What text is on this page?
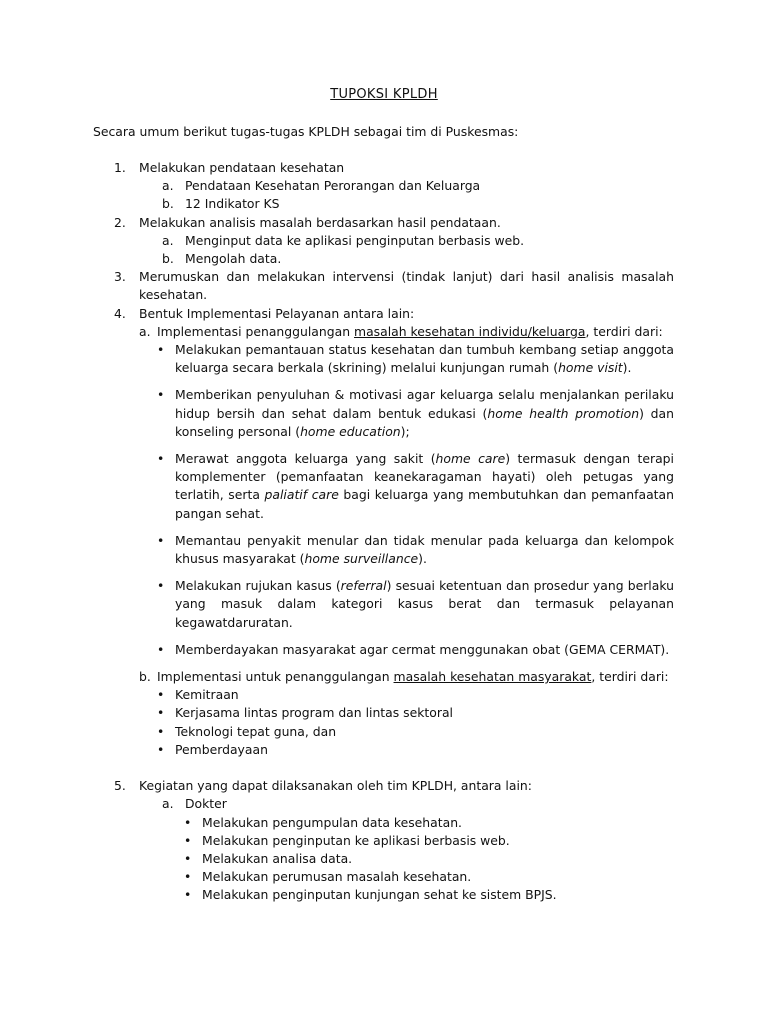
TUPOKSI KPLDH
Secara umum berikut tugas-tugas KPLDH sebagai tim di Puskesmas:
1. Melakukan pendataan kesehatan
a. Pendataan Kesehatan Perorangan dan Keluarga
b. 12 Indikator KS
2. Melakukan analisis masalah berdasarkan hasil pendataan.
a. Menginput data ke aplikasi penginputan berbasis web.
b. Mengolah data.
3. Merumuskan dan melakukan intervensi (tindak lanjut) dari hasil analisis masalah kesehatan.
4. Bentuk Implementasi Pelayanan antara lain:
a. Implementasi penanggulangan masalah kesehatan individu/keluarga, terdiri dari:
• Melakukan pemantauan status kesehatan dan tumbuh kembang setiap anggota keluarga secara berkala (skrining) melalui kunjungan rumah (home visit).
• Memberikan penyuluhan & motivasi agar keluarga selalu menjalankan perilaku hidup bersih dan sehat dalam bentuk edukasi (home health promotion) dan konseling personal (home education);
• Merawat anggota keluarga yang sakit (home care) termasuk dengan terapi komplementer (pemanfaatan keanekaragaman hayati) oleh petugas yang terlatih, serta paliatif care bagi keluarga yang membutuhkan dan pemanfaatan pangan sehat.
• Memantau penyakit menular dan tidak menular pada keluarga dan kelompok khusus masyarakat (home surveillance).
• Melakukan rujukan kasus (referral) sesuai ketentuan dan prosedur yang berlaku yang masuk dalam kategori kasus berat dan termasuk pelayanan kegawatdaruratan.
• Memberdayakan masyarakat agar cermat menggunakan obat (GEMA CERMAT).
b. Implementasi untuk penanggulangan masalah kesehatan masyarakat, terdiri dari:
• Kemitraan
• Kerjasama lintas program dan lintas sektoral
• Teknologi tepat guna, dan
• Pemberdayaan
5. Kegiatan yang dapat dilaksanakan oleh tim KPLDH, antara lain:
a. Dokter
• Melakukan pengumpulan data kesehatan.
• Melakukan penginputan ke aplikasi berbasis web.
• Melakukan analisa data.
• Melakukan perumusan masalah kesehatan.
• Melakukan penginputan kunjungan sehat ke sistem BPJS.
